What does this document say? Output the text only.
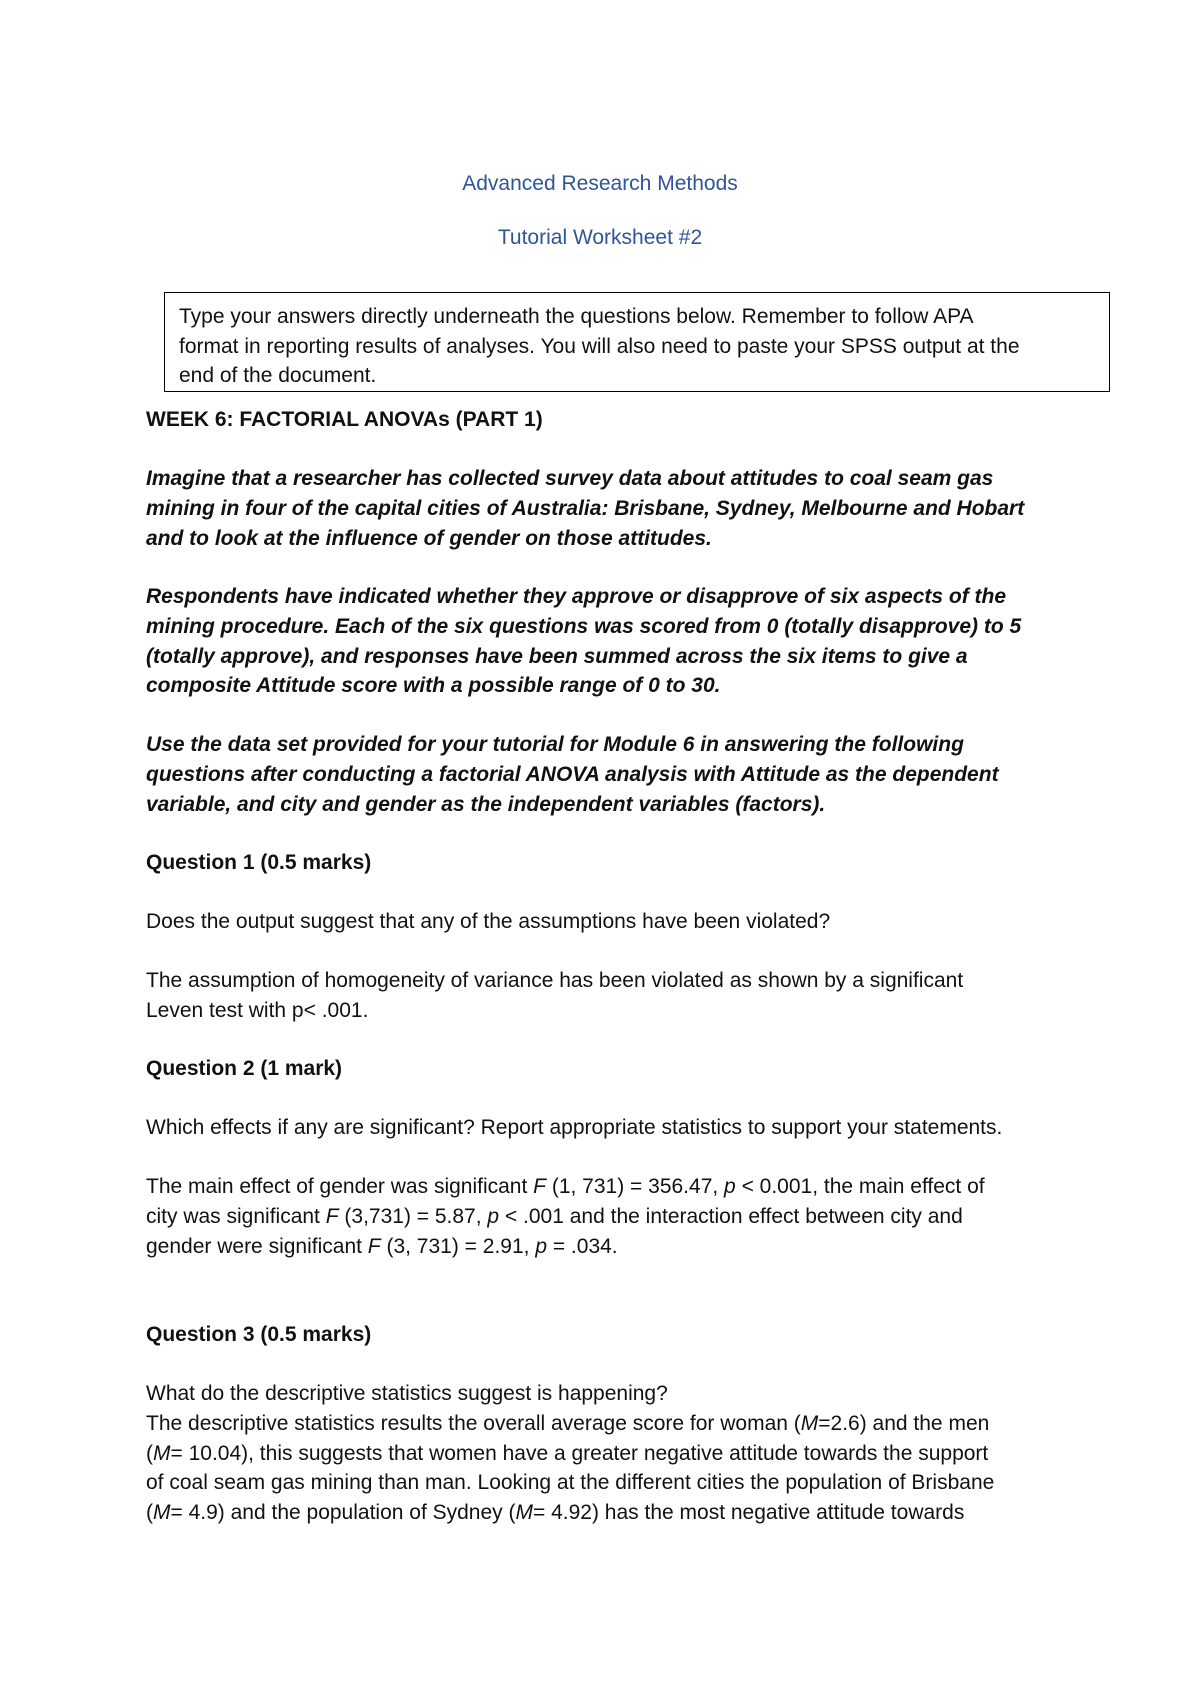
Advanced Research Methods
Tutorial Worksheet #2
Type your answers directly underneath the questions below. Remember to follow APA
format in reporting results of analyses. You will also need to paste your SPSS output at the
end of the document.
WEEK 6: FACTORIAL ANOVAs (PART 1)
Imagine that a researcher has collected survey data about attitudes to coal seam gas
mining in four of the capital cities of Australia: Brisbane, Sydney, Melbourne and Hobart
and to look at the influence of gender on those attitudes.
Respondents have indicated whether they approve or disapprove of six aspects of the
mining procedure. Each of the six questions was scored from 0 (totally disapprove) to 5
(totally approve), and responses have been summed across the six items to give a
composite Attitude score with a possible range of 0 to 30.
Use the data set provided for your tutorial for Module 6 in answering the following
questions after conducting a factorial ANOVA analysis with Attitude as the dependent
variable, and city and gender as the independent variables (factors).
Question 1 (0.5 marks)
Does the output suggest that any of the assumptions have been violated?
The assumption of homogeneity of variance has been violated as shown by a significant
Leven test with p< .001.
Question 2 (1 mark)
Which effects if any are significant? Report appropriate statistics to support your statements.
The main effect of gender was significant F (1, 731) = 356.47, p < 0.001, the main effect of
city was significant F (3,731) = 5.87, p < .001 and the interaction effect between city and
gender were significant F (3, 731) = 2.91, p = .034.
Question 3 (0.5 marks)
What do the descriptive statistics suggest is happening?
The descriptive statistics results the overall average score for woman (M=2.6) and the men
(M= 10.04), this suggests that women have a greater negative attitude towards the support
of coal seam gas mining than man. Looking at the different cities the population of Brisbane
(M= 4.9) and the population of Sydney (M= 4.92) has the most negative attitude towards
